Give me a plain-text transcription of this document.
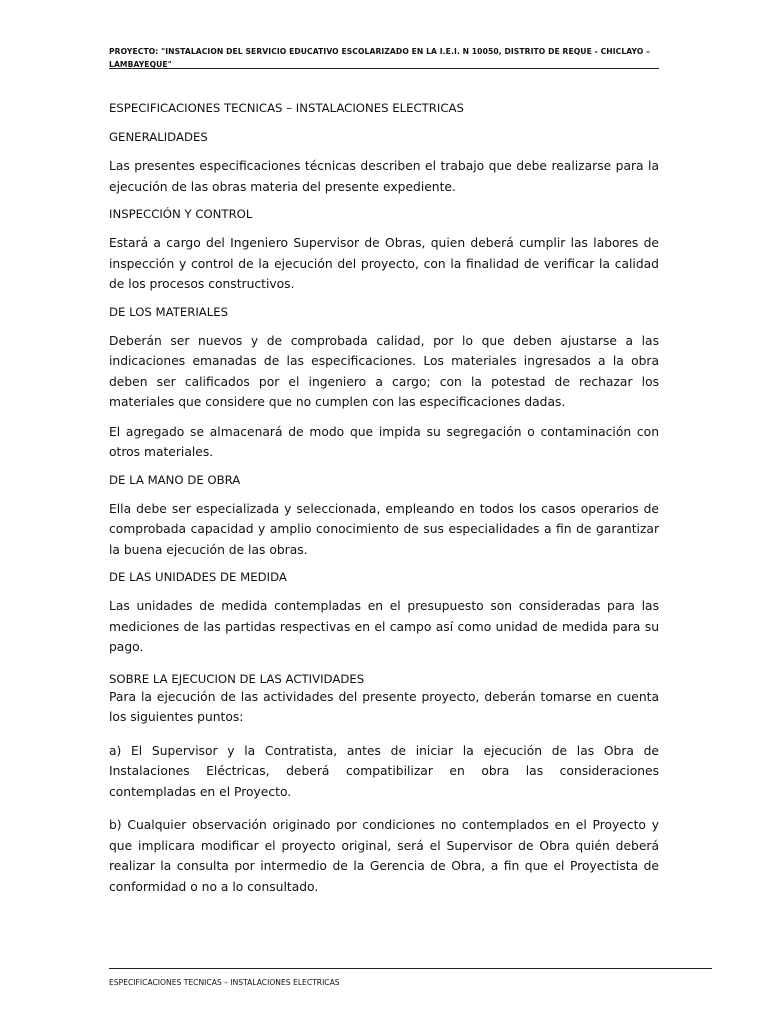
PROYECTO: "INSTALACION DEL SERVICIO EDUCATIVO ESCOLARIZADO EN LA I.E.I. N 10050, DISTRITO DE REQUE - CHICLAYO – LAMBAYEQUE"

ESPECIFICACIONES TECNICAS – INSTALACIONES ELECTRICAS

GENERALIDADES

Las presentes especificaciones técnicas describen el trabajo que debe realizarse para la ejecución de las obras materia del presente expediente.

INSPECCIÓN Y CONTROL

Estará a cargo del Ingeniero Supervisor de Obras, quien deberá cumplir las labores de inspección y control de la ejecución del proyecto, con la finalidad de verificar la calidad de los procesos constructivos.

DE LOS MATERIALES

Deberán ser nuevos y de comprobada calidad, por lo que deben ajustarse a las indicaciones emanadas de las especificaciones. Los materiales ingresados a la obra deben ser calificados por el ingeniero a cargo; con la potestad de rechazar los materiales que considere que no cumplen con las especificaciones dadas.

El agregado se almacenará de modo que impida su segregación o contaminación con otros materiales.

DE LA MANO DE OBRA

Ella debe ser especializada y seleccionada, empleando en todos los casos operarios de comprobada capacidad y amplio conocimiento de sus especialidades a fin de garantizar la buena ejecución de las obras.

DE LAS UNIDADES DE MEDIDA

Las unidades de medida contempladas en el presupuesto son consideradas para las mediciones de las partidas respectivas en el campo así como unidad de medida para su pago.

SOBRE LA EJECUCION DE LAS ACTIVIDADES

Para la ejecución de las actividades del presente proyecto, deberán tomarse en cuenta los siguientes puntos:

a) El Supervisor y la Contratista, antes de iniciar la ejecución de las Obra de Instalaciones Eléctricas, deberá compatibilizar en obra las consideraciones contempladas en el Proyecto.

b) Cualquier observación originado por condiciones no contemplados en el Proyecto y que implicara modificar el proyecto original, será el Supervisor de Obra quién deberá realizar la consulta por intermedio de la Gerencia de Obra, a fin que el Proyectista de conformidad o no a lo consultado.

ESPECIFICACIONES TECNICAS – INSTALACIONES ELECTRICAS
